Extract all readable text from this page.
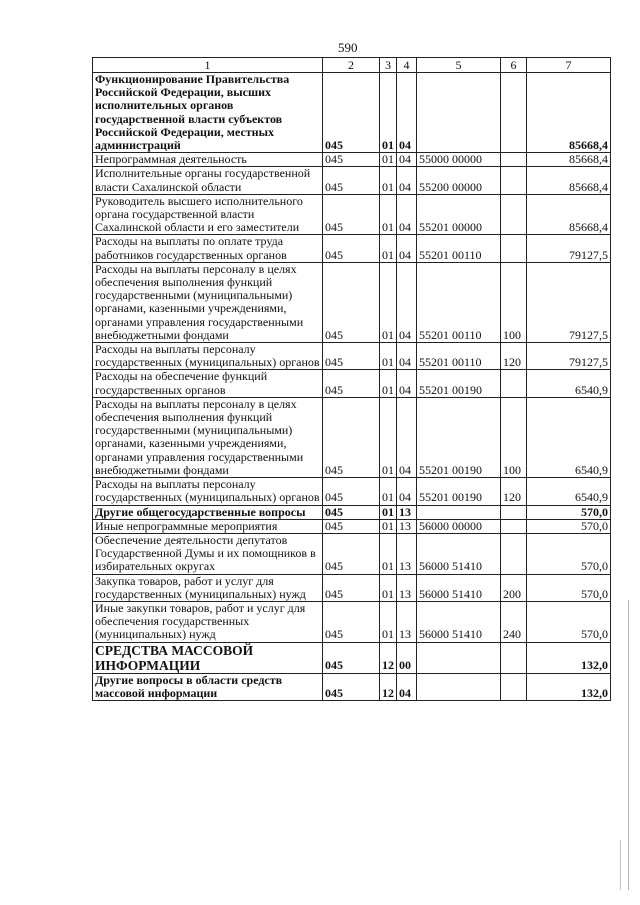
590
1	2	3	4	5	6	7
Функционирование Правительства Российской Федерации, высших исполнительных органов государственной власти субъектов Российской Федерации, местных администраций	045	01	04			85668,4
Непрограммная деятельность	045	01	04	55000 00000		85668,4
Исполнительные органы государственной власти Сахалинской области	045	01	04	55200 00000		85668,4
Руководитель высшего исполнительного органа государственной власти Сахалинской области и его заместители	045	01	04	55201 00000		85668,4
Расходы на выплаты по оплате труда работников государственных органов	045	01	04	55201 00110		79127,5
Расходы на выплаты персоналу в целях обеспечения выполнения функций государственными (муниципальными) органами, казенными учреждениями, органами управления государственными внебюджетными фондами	045	01	04	55201 00110	100	79127,5
Расходы на выплаты персоналу государственных (муниципальных) органов	045	01	04	55201 00110	120	79127,5
Расходы на обеспечение функций государственных органов	045	01	04	55201 00190		6540,9
Расходы на выплаты персоналу в целях обеспечения выполнения функций государственными (муниципальными) органами, казенными учреждениями, органами управления государственными внебюджетными фондами	045	01	04	55201 00190	100	6540,9
Расходы на выплаты персоналу государственных (муниципальных) органов	045	01	04	55201 00190	120	6540,9
Другие общегосударственные вопросы	045	01	13			570,0
Иные непрограммные мероприятия	045	01	13	56000 00000		570,0
Обеспечение деятельности депутатов Государственной Думы и их помощников в избирательных округах	045	01	13	56000 51410		570,0
Закупка товаров, работ и услуг для государственных (муниципальных) нужд	045	01	13	56000 51410	200	570,0
Иные закупки товаров, работ и услуг для обеспечения государственных (муниципальных) нужд	045	01	13	56000 51410	240	570,0
СРЕДСТВА МАССОВОЙ ИНФОРМАЦИИ	045	12	00			132,0
Другие вопросы в области средств массовой информации	045	12	04			132,0
